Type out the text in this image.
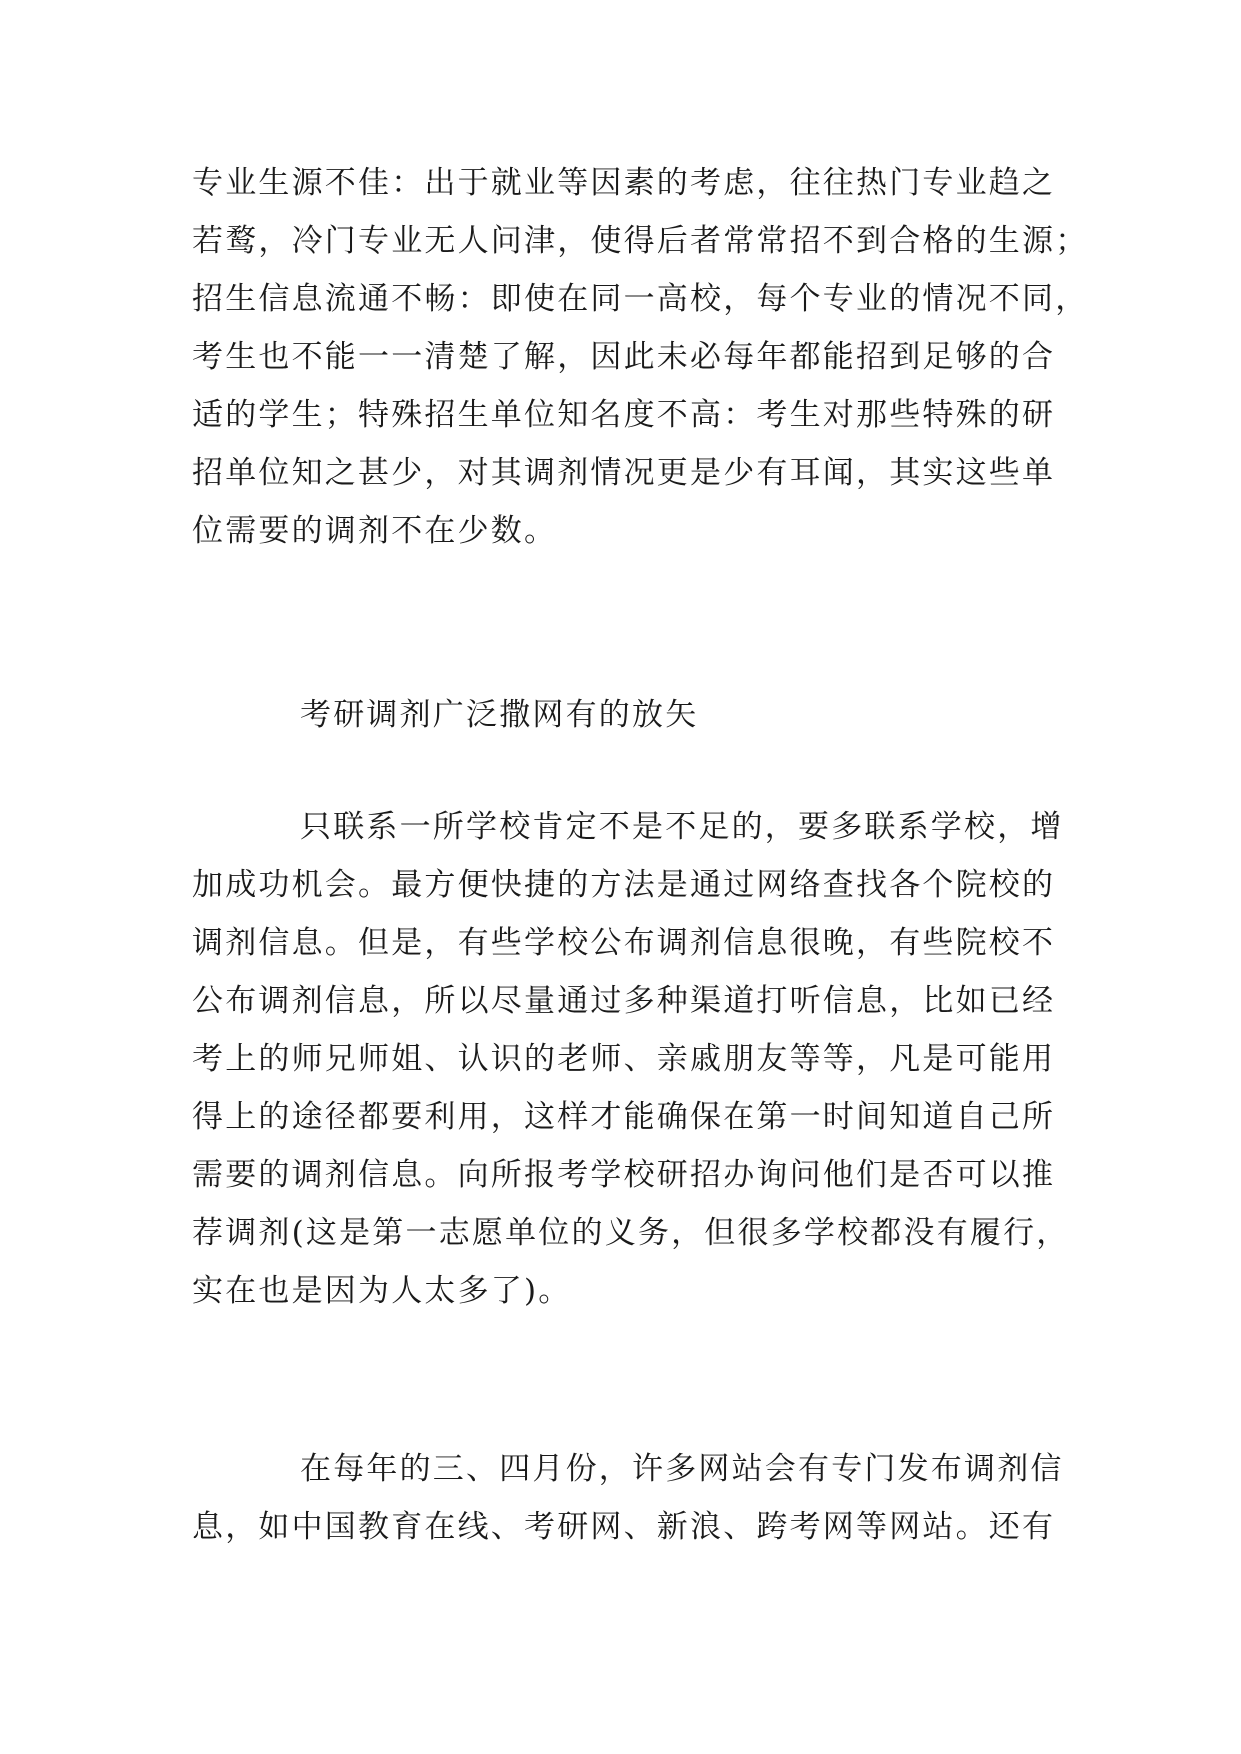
专业生源不佳：出于就业等因素的考虑，往往热门专业趋之
若鹜，冷门专业无人问津，使得后者常常招不到合格的生源；
招生信息流通不畅：即使在同一高校，每个专业的情况不同，
考生也不能一一清楚了解，因此未必每年都能招到足够的合
适的学生；特殊招生单位知名度不高：考生对那些特殊的研
招单位知之甚少，对其调剂情况更是少有耳闻，其实这些单
位需要的调剂不在少数。
考研调剂广泛撒网有的放矢
只联系一所学校肯定不是不足的，要多联系学校，增
加成功机会。最方便快捷的方法是通过网络查找各个院校的
调剂信息。但是，有些学校公布调剂信息很晚，有些院校不
公布调剂信息，所以尽量通过多种渠道打听信息，比如已经
考上的师兄师姐、认识的老师、亲戚朋友等等，凡是可能用
得上的途径都要利用，这样才能确保在第一时间知道自己所
需要的调剂信息。向所报考学校研招办询问他们是否可以推
荐调剂(这是第一志愿单位的义务，但很多学校都没有履行，
实在也是因为人太多了)。
在每年的三、四月份，许多网站会有专门发布调剂信
息，如中国教育在线、考研网、新浪、跨考网等网站。还有
